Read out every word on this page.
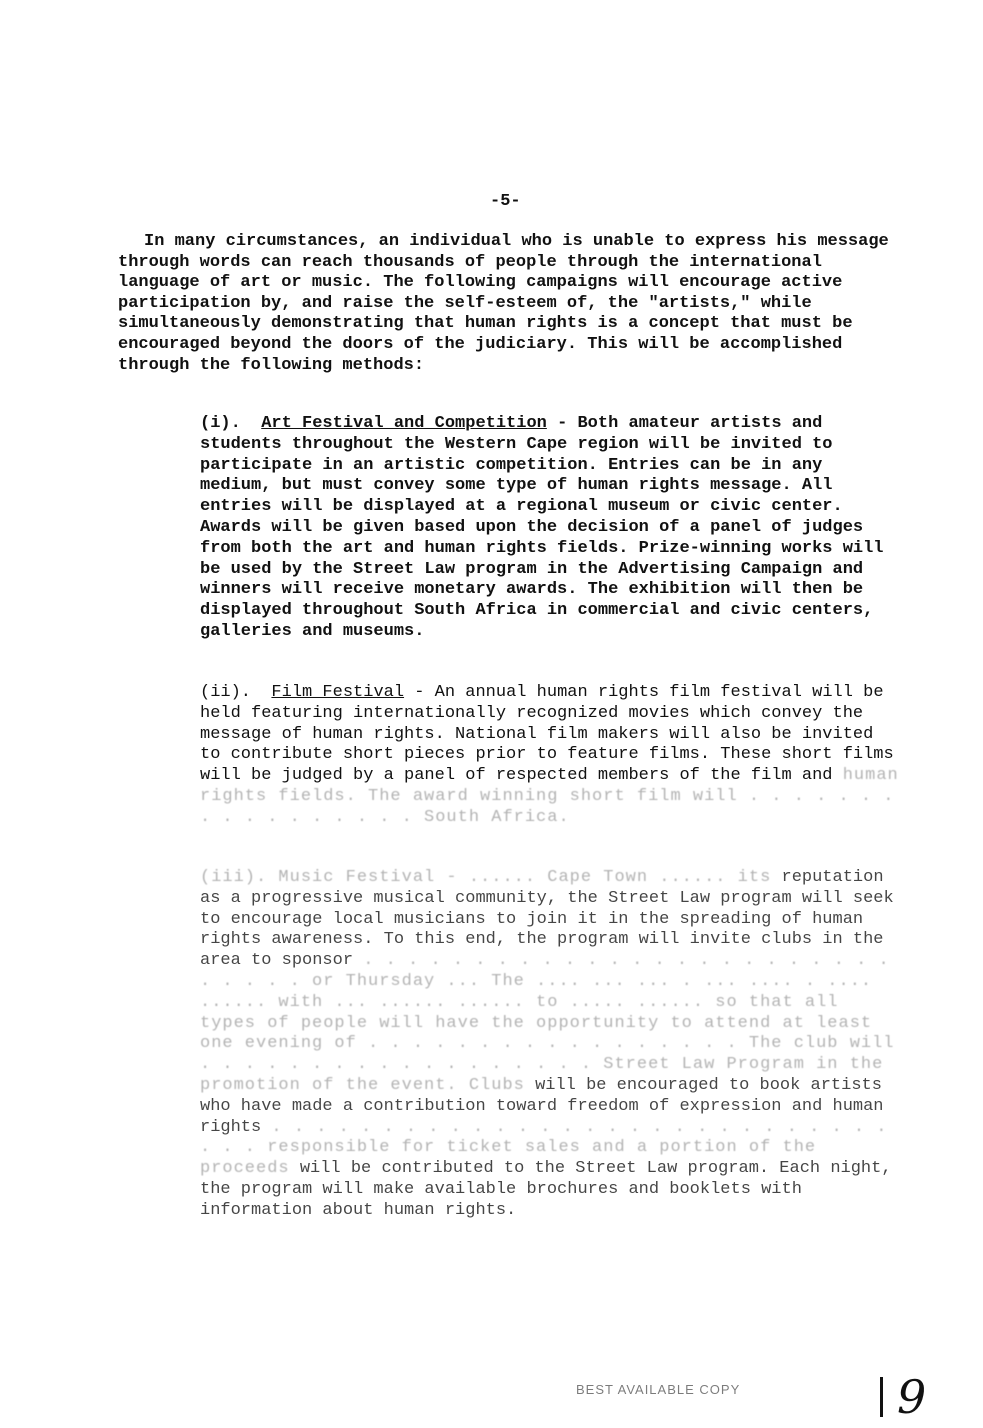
-5-

In many circumstances, an individual who is unable to express his message through words can reach thousands of people through the international language of art or music. The following campaigns will encourage active participation by, and raise the self-esteem of, the "artists," while simultaneously demonstrating that human rights is a concept that must be encouraged beyond the doors of the judiciary. This will be accomplished through the following methods:

(i). Art Festival and Competition - Both amateur artists and students throughout the Western Cape region will be invited to participate in an artistic competition. Entries can be in any medium, but must convey some type of human rights message. All entries will be displayed at a regional museum or civic center. Awards will be given based upon the decision of a panel of judges from both the art and human rights fields. Prize-winning works will be used by the Street Law program in the Advertising Campaign and winners will receive monetary awards. The exhibition will then be displayed throughout South Africa in commercial and civic centers, galleries and museums.

(ii). Film Festival - An annual human rights film festival will be held featuring internationally recognized movies which convey the message of human rights. National film makers will also be invited to contribute short pieces prior to feature films. These short films will be judged by a panel of respected members of the film and human rights fields. The award winning short film will . . . . . . . . . . . . . . . . . South Africa.

(iii). Music Festival - ...... Cape Town ...... its reputation as a progressive musical community, the Street Law program will seek to encourage local musicians to join it in the spreading of human rights awareness. To this end, the program will invite clubs in the area to sponsor . . . . . . . . . . . . . . . . . . . . . . . . . . . . . or Thursday ... The .... ... ... . ... .... . .... ...... with ... ...... ...... to ..... ...... so that all types of people will have the opportunity to attend at least one evening of . . . . . . . . . . . . . . . . . The club will . . . . . . . . . . . . . . . . . . Street Law Program in the promotion of the event. Clubs will be encouraged to book artists who have made a contribution toward freedom of expression and human rights . . . . . . . . . . . . . . . . . . . . . . . . . . . . . . . responsible for ticket sales and a portion of the proceeds will be contributed to the Street Law program. Each night, the program will make available brochures and booklets with information about human rights.

BEST AVAILABLE COPY	9
